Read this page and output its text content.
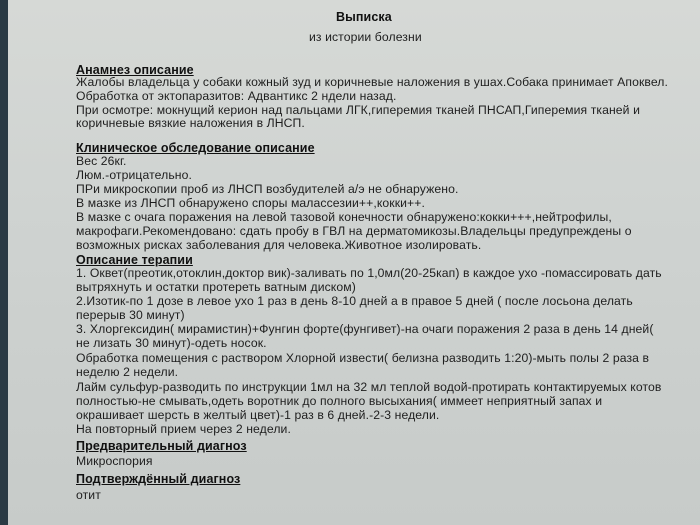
Выписка
из истории болезни
Анамнез описание
Жалобы владельца у собаки кожный зуд и коричневые наложения в ушах.Собака принимает Апоквел.
Обработка от эктопаразитов: Адвантикс 2 ндели назад.
При осмотре: мокнущий керион над пальцами ЛГК,гиперемия тканей ПНСАП,Гиперемия тканей и
коричневые вязкие наложения в ЛНСП.
Клиническое обследование описание
Вес 26кг.
Люм.-отрицательно.
ПРи микроскопии проб из ЛНСП возбудителей а/э не обнаружено.
В мазке из ЛНСП обнаружено споры малассезии++,кокки++.
В мазке с очага поражения на левой тазовой конечности обнаружено:кокки+++,нейтрофилы,
макрофаги.Рекомендовано: сдать пробу в ГВЛ на дерматомикозы.Владельцы предупреждены о
возможных рисках заболевания для человека.Животное изолировать.
Описание терапии
1. Оквет(преотик,отоклин,доктор вик)-заливать по 1,0мл(20-25кап) в каждое ухо -помассировать дать
вытряхнуть и остатки протереть ватным диском)
2.Изотик-по 1 дозе в левое ухо 1 раз в день 8-10 дней а в правое 5 дней ( после лосьона делать
перерыв 30 минут)
3. Хлоргексидин( мирамистин)+Фунгин форте(фунгивет)-на очаги поражения 2 раза в день 14 дней(
не лизать 30 минут)-одеть носок.
Обработка помещения с раствором Хлорной извести( белизна разводить 1:20)-мыть полы 2 раза в
неделю 2 недели.
Лайм сульфур-разводить по инструкции 1мл на 32 мл теплой водой-протирать контактируемых котов
полностью-не смывать,одеть воротник до полного высыхания( иммеет неприятный запах и
окрашивает шерсть в желтый цвет)-1 раз в 6 дней.-2-3 недели.
На повторный прием через 2 недели.
Предварительный диагноз
Микроспория
Подтверждённый диагноз
отит
